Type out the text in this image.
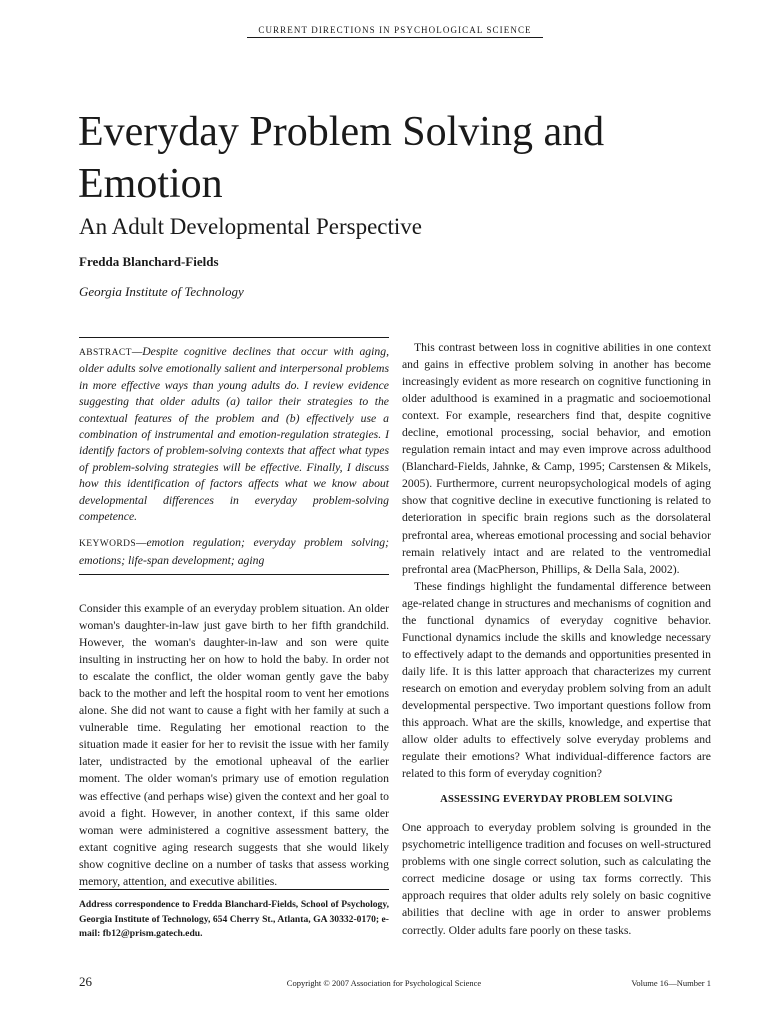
CURRENT DIRECTIONS IN PSYCHOLOGICAL SCIENCE
Everyday Problem Solving and Emotion
An Adult Developmental Perspective
Fredda Blanchard-Fields
Georgia Institute of Technology

ABSTRACT—Despite cognitive declines that occur with aging, older adults solve emotionally salient and interpersonal problems in more effective ways than young adults do. I review evidence suggesting that older adults (a) tailor their strategies to the contextual features of the problem and (b) effectively use a combination of instrumental and emotion-regulation strategies. I identify factors of problem-solving contexts that affect what types of problem-solving strategies will be effective. Finally, I discuss how this identification of factors affects what we know about developmental differences in everyday problem-solving competence.

KEYWORDS—emotion regulation; everyday problem solving; emotions; life-span development; aging

Consider this example of an everyday problem situation. An older woman's daughter-in-law just gave birth to her fifth grandchild. However, the woman's daughter-in-law and son were quite insulting in instructing her on how to hold the baby. In order not to escalate the conflict, the older woman gently gave the baby back to the mother and left the hospital room to vent her emotions alone. She did not want to cause a fight with her family at such a vulnerable time. Regulating her emotional reaction to the situation made it easier for her to revisit the issue with her family later, undistracted by the emotional upheaval of the earlier moment. The older woman's primary use of emotion regulation was effective (and perhaps wise) given the context and her goal to avoid a fight. However, in another context, if this same older woman were administered a cognitive assessment battery, the extant cognitive aging research suggests that she would likely show cognitive decline on a number of tasks that assess working memory, attention, and executive abilities.

Address correspondence to Fredda Blanchard-Fields, School of Psychology, Georgia Institute of Technology, 654 Cherry St., Atlanta, GA 30332-0170; e-mail: fb12@prism.gatech.edu.

This contrast between loss in cognitive abilities in one context and gains in effective problem solving in another has become increasingly evident as more research on cognitive functioning in older adulthood is examined in a pragmatic and socioemotional context. For example, researchers find that, despite cognitive decline, emotional processing, social behavior, and emotion regulation remain intact and may even improve across adulthood (Blanchard-Fields, Jahnke, & Camp, 1995; Carstensen & Mikels, 2005). Furthermore, current neuropsychological models of aging show that cognitive decline in executive functioning is related to deterioration in specific brain regions such as the dorsolateral prefrontal area, whereas emotional processing and social behavior remain relatively intact and are related to the ventromedial prefrontal area (MacPherson, Phillips, & Della Sala, 2002).

These findings highlight the fundamental difference between age-related change in structures and mechanisms of cognition and the functional dynamics of everyday cognitive behavior. Functional dynamics include the skills and knowledge necessary to effectively adapt to the demands and opportunities presented in daily life. It is this latter approach that characterizes my current research on emotion and everyday problem solving from an adult developmental perspective. Two important questions follow from this approach. What are the skills, knowledge, and expertise that allow older adults to effectively solve everyday problems and regulate their emotions? What individual-difference factors are related to this form of everyday cognition?

ASSESSING EVERYDAY PROBLEM SOLVING

One approach to everyday problem solving is grounded in the psychometric intelligence tradition and focuses on well-structured problems with one single correct solution, such as calculating the correct medicine dosage or using tax forms correctly. This approach requires that older adults rely solely on basic cognitive abilities that decline with age in order to answer problems correctly. Older adults fare poorly on these tasks.

26	Copyright © 2007 Association for Psychological Science	Volume 16—Number 1
